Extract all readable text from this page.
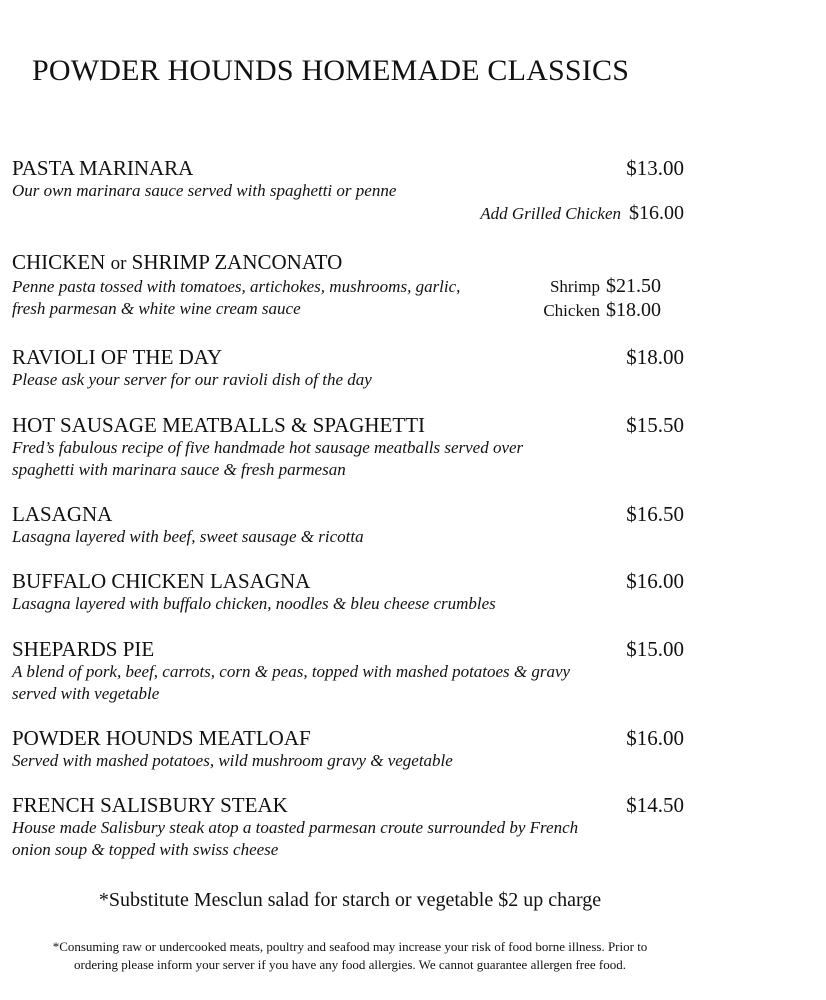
POWDER HOUNDS HOMEMADE CLASSICS
PASTA MARINARA	$13.00
Our own marinara sauce served with spaghetti or penne
Add Grilled Chicken $16.00
CHICKEN or SHRIMP ZANCONATO
Penne pasta tossed with tomatoes, artichokes, mushrooms, garlic,
fresh parmesan & white wine cream sauce
Shrimp $21.50
Chicken $18.00
RAVIOLI OF THE DAY	$18.00
Please ask your server for our ravioli dish of the day
HOT SAUSAGE MEATBALLS & SPAGHETTI	$15.50
Fred’s fabulous recipe of five handmade hot sausage meatballs served over
spaghetti with marinara sauce & fresh parmesan
LASAGNA	$16.50
Lasagna layered with beef, sweet sausage & ricotta
BUFFALO CHICKEN LASAGNA	$16.00
Lasagna layered with buffalo chicken, noodles & bleu cheese crumbles
SHEPARDS PIE	$15.00
A blend of pork, beef, carrots, corn & peas, topped with mashed potatoes & gravy
served with vegetable
POWDER HOUNDS MEATLOAF	$16.00
Served with mashed potatoes, wild mushroom gravy & vegetable
FRENCH SALISBURY STEAK	$14.50
House made Salisbury steak atop a toasted parmesan croute surrounded by French
onion soup & topped with swiss cheese
*Substitute Mesclun salad for starch or vegetable $2 up charge
*Consuming raw or undercooked meats, poultry and seafood may increase your risk of food borne illness. Prior to
ordering please inform your server if you have any food allergies. We cannot guarantee allergen free food.
